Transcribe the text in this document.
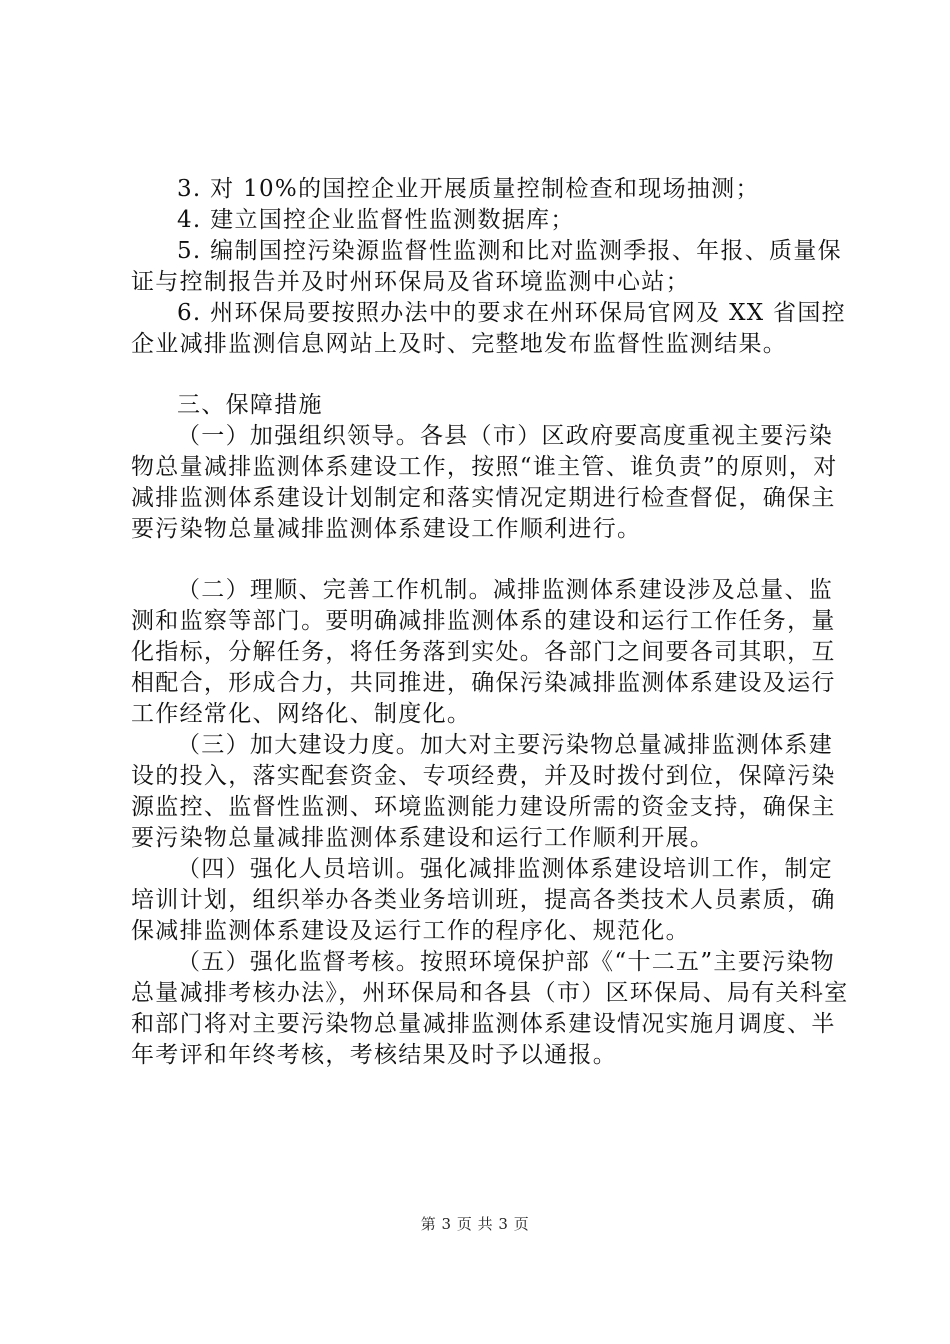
3. 对 10%的国控企业开展质量控制检查和现场抽测；

4. 建立国控企业监督性监测数据库；

5. 编制国控污染源监督性监测和比对监测季报、年报、质量保证与控制报告并及时州环保局及省环境监测中心站；

6. 州环保局要按照办法中的要求在州环保局官网及 XX 省国控企业减排监测信息网站上及时、完整地发布监督性监测结果。

三、保障措施

（一）加强组织领导。各县（市）区政府要高度重视主要污染物总量减排监测体系建设工作，按照“谁主管、谁负责”的原则，对减排监测体系建设计划制定和落实情况定期进行检查督促，确保主要污染物总量减排监测体系建设工作顺利进行。

（二）理顺、完善工作机制。减排监测体系建设涉及总量、监测和监察等部门。要明确减排监测体系的建设和运行工作任务，量化指标，分解任务，将任务落到实处。各部门之间要各司其职，互相配合，形成合力，共同推进，确保污染减排监测体系建设及运行工作经常化、网络化、制度化。

（三）加大建设力度。加大对主要污染物总量减排监测体系建设的投入，落实配套资金、专项经费，并及时拨付到位，保障污染源监控、监督性监测、环境监测能力建设所需的资金支持，确保主要污染物总量减排监测体系建设和运行工作顺利开展。

（四）强化人员培训。强化减排监测体系建设培训工作，制定培训计划，组织举办各类业务培训班，提高各类技术人员素质，确保减排监测体系建设及运行工作的程序化、规范化。

（五）强化监督考核。按照环境保护部《“十二五”主要污染物总量减排考核办法》，州环保局和各县（市）区环保局、局有关科室和部门将对主要污染物总量减排监测体系建设情况实施月调度、半年考评和年终考核，考核结果及时予以通报。

第 3 页 共 3 页
